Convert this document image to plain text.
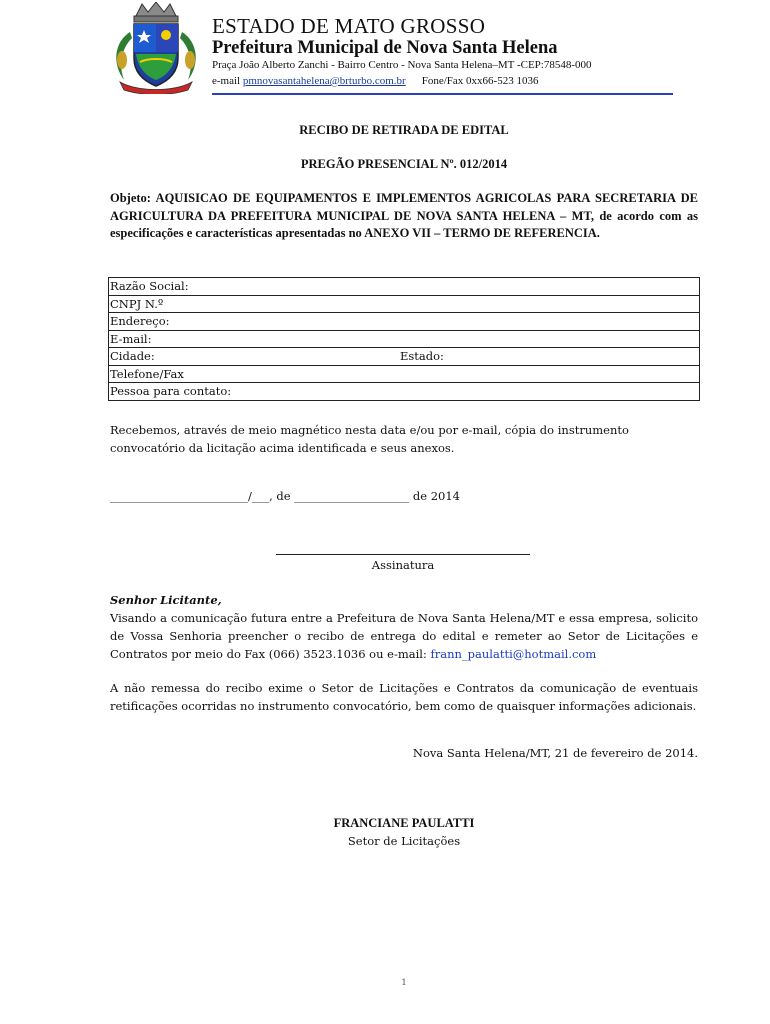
ESTADO DE MATO GROSSO
Prefeitura Municipal de Nova Santa Helena
Praça João Alberto Zanchi - Bairro Centro - Nova Santa Helena–MT -CEP:78548-000
e-mail pmnovasantahelena@brturbo.com.br Fone/Fax 0xx66-523 1036
RECIBO DE RETIRADA DE EDITAL
PREGÃO PRESENCIAL Nº. 012/2014

Objeto: AQUISICAO DE EQUIPAMENTOS E IMPLEMENTOS AGRICOLAS PARA SECRETARIA DE AGRICULTURA DA PREFEITURA MUNICIPAL DE NOVA SANTA HELENA – MT, de acordo com as especificações e características apresentadas no ANEXO VII – TERMO DE REFERENCIA.

Razão Social:
CNPJ N.º
Endereço:
E-mail:
Cidade:	Estado:

Telefone/Fax
Pessoa para contato:

Recebemos, através de meio magnético nesta data e/ou por e-mail, cópia do instrumento convocatório da licitação acima identificada e seus anexos.

________________________/___, de ____________________ de 2014
Assinatura
Senhor Licitante,

Visando a comunicação futura entre a Prefeitura de Nova Santa Helena/MT e essa empresa, solicito de Vossa Senhoria preencher o recibo de entrega do edital e remeter ao Setor de Licitações e Contratos por meio do Fax (066) 3523.1036 ou e-mail: frann_paulatti@hotmail.com

A não remessa do recibo exime o Setor de Licitações e Contratos da comunicação de eventuais retificações ocorridas no instrumento convocatório, bem como de quaisquer informações adicionais.

Nova Santa Helena/MT, 21 de fevereiro de 2014.
FRANCIANE PAULATTI
Setor de Licitações
1
